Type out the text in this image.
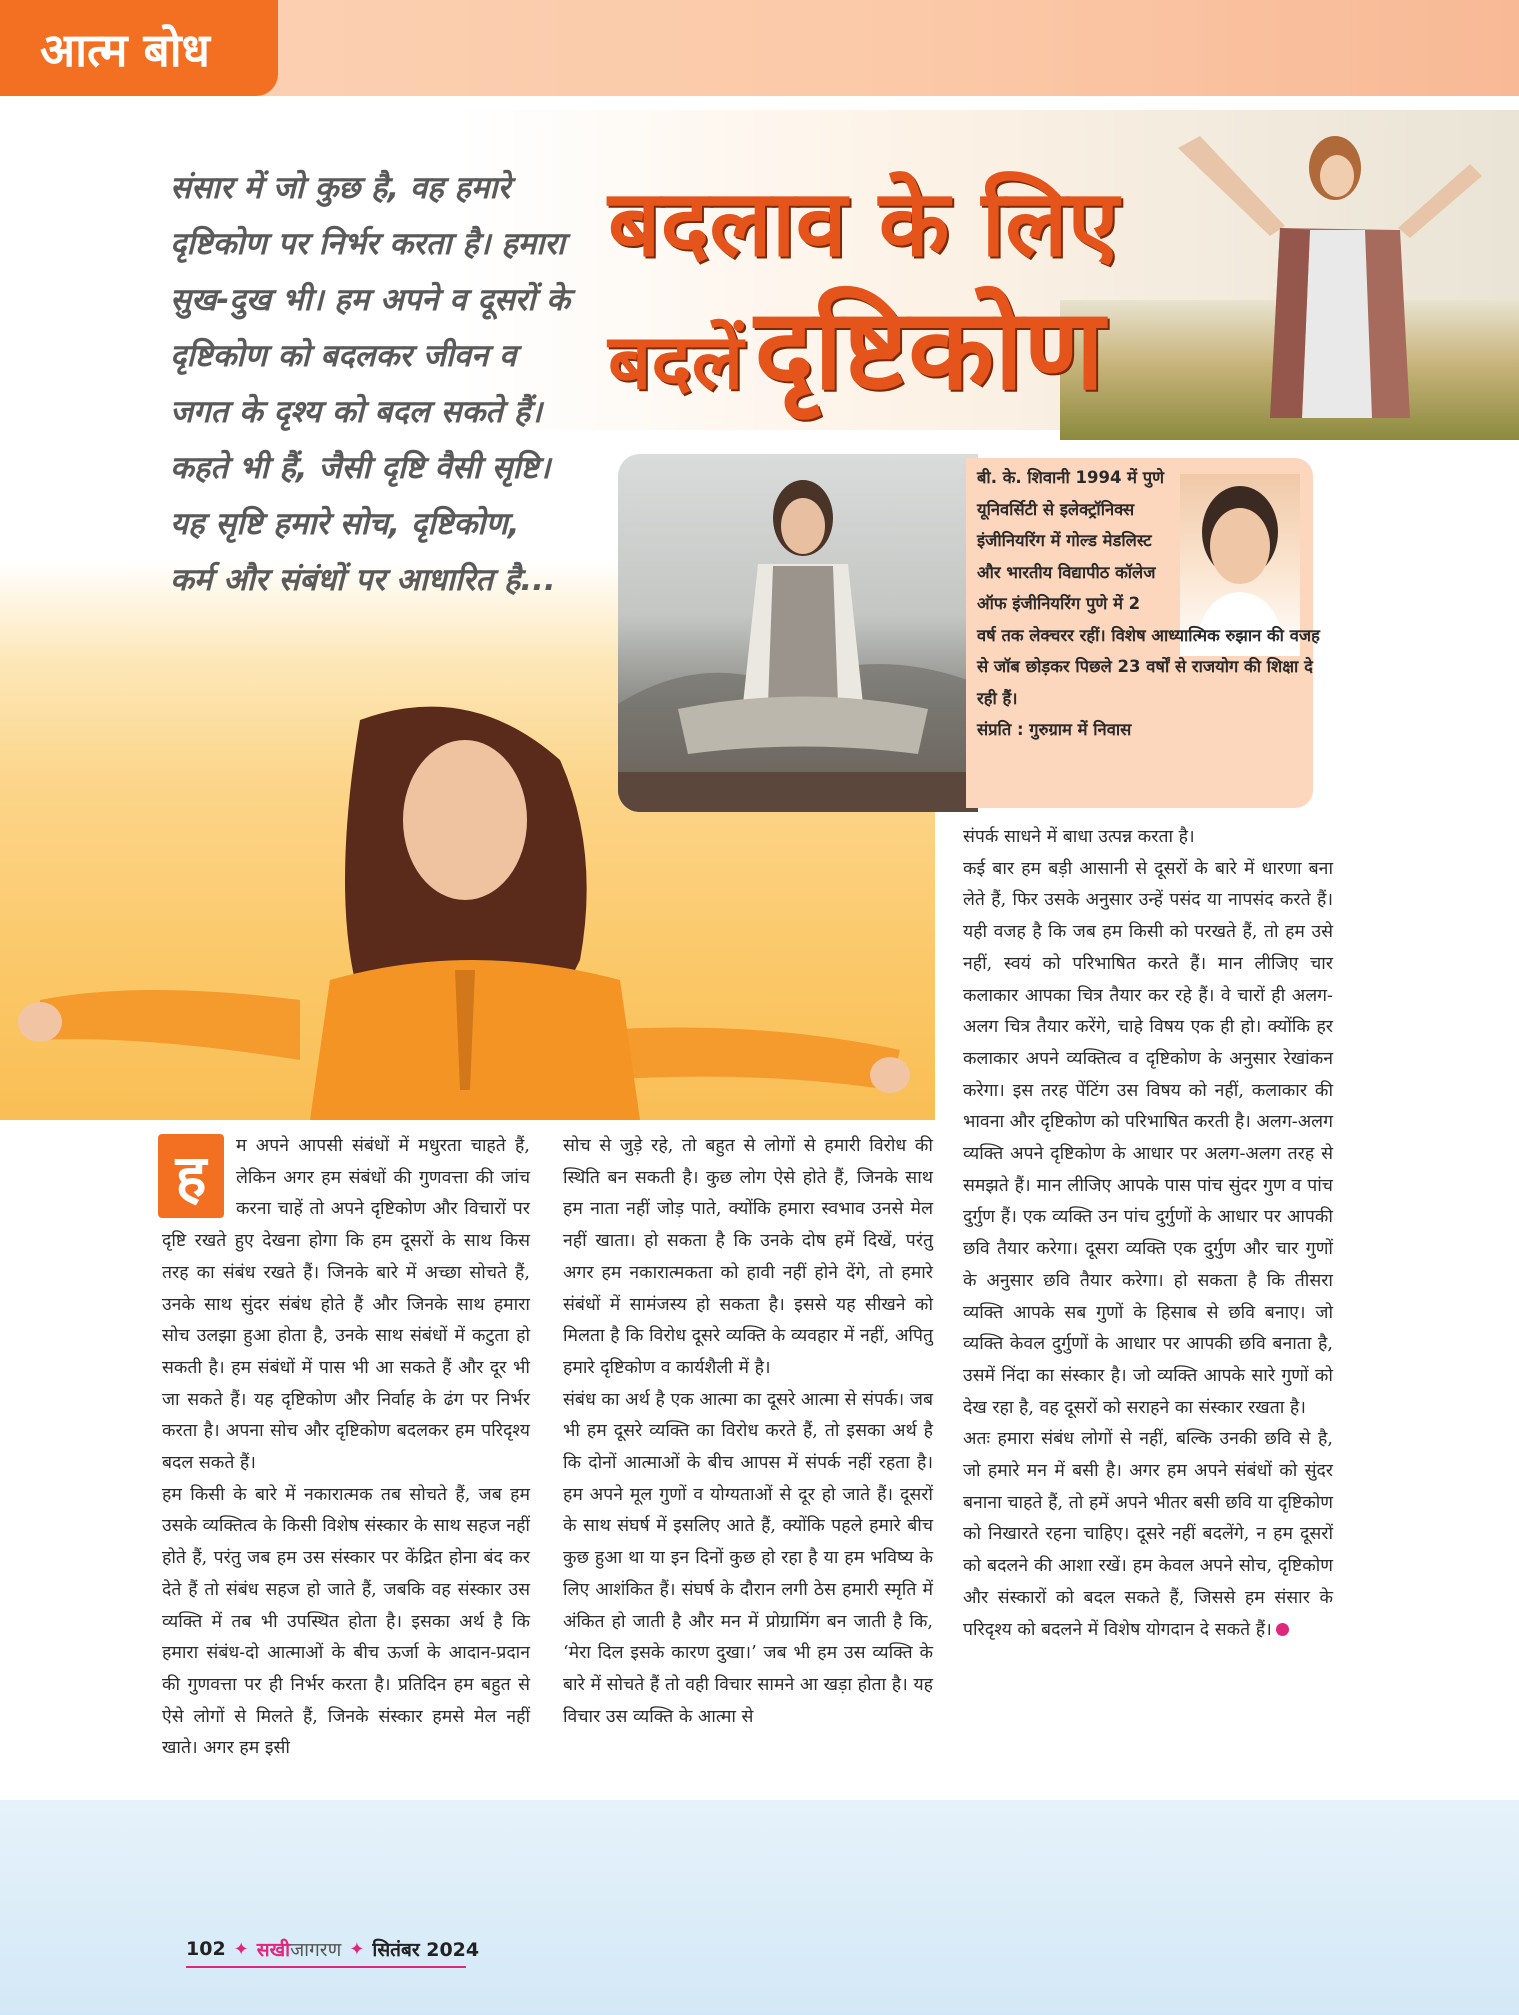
आत्म बोध
संसार में जो कुछ है, वह हमारे दृष्टिकोण पर निर्भर करता है। हमारा सुख-दुख भी। हम अपने व दूसरों के दृष्टिकोण को बदलकर जीवन व जगत के दृश्य को बदल सकते हैं। कहते भी हैं, जैसी दृष्टि वैसी सृष्टि। यह सृष्टि हमारे सोच, दृष्टिकोण, कर्म और संबंधों पर आधारित है...
बदलाव के लिए
बदलें दृष्टिकोण
बी. के. शिवानी 1994 में पुणे यूनिवर्सिटी से इलेक्ट्रॉनिक्स इंजीनियरिंग में गोल्ड मेडलिस्ट और भारतीय विद्यापीठ कॉलेज ऑफ इंजीनियरिंग पुणे में 2
वर्ष तक लेक्चरर रहीं। विशेष आध्यात्मिक रुझान की वजह से जॉब छोड़कर पिछले 23 वर्षों से राजयोग की शिक्षा दे रही हैं।
संप्रति : गुरुग्राम में निवास
ह	म अपने आपसी संबंधों में मधुरता चाहते हैं, लेकिन अगर हम संबंधों की गुणवत्ता की जांच करना चाहें तो अपने दृष्टिकोण और विचारों पर दृष्टि रखते हुए देखना होगा कि हम दूसरों के साथ किस तरह का संबंध रखते हैं। जिनके बारे में अच्छा सोचते हैं, उनके साथ सुंदर संबंध होते हैं और जिनके साथ हमारा सोच उलझा हुआ होता है, उनके साथ संबंधों में कटुता हो सकती है। हम संबंधों में पास भी आ सकते हैं और दूर भी जा सकते हैं। यह दृष्टिकोण और निर्वाह के ढंग पर निर्भर करता है। अपना सोच और दृष्टिकोण बदलकर हम परिदृश्य बदल सकते हैं।

हम किसी के बारे में नकारात्मक तब सोचते हैं, जब हम उसके व्यक्तित्व के किसी विशेष संस्कार के साथ सहज नहीं होते हैं, परंतु जब हम उस संस्कार पर केंद्रित होना बंद कर देते हैं तो संबंध सहज हो जाते हैं, जबकि वह संस्कार उस व्यक्ति में तब भी उपस्थित होता है। इसका अर्थ है कि हमारा संबंध-दो आत्माओं के बीच ऊर्जा के आदान-प्रदान की गुणवत्ता पर ही निर्भर करता है। प्रतिदिन हम बहुत से ऐसे लोगों से मिलते हैं, जिनके संस्कार हमसे मेल नहीं खाते। अगर हम इसी

सोच से जुड़े रहे, तो बहुत से लोगों से हमारी विरोध की स्थिति बन सकती है। कुछ लोग ऐसे होते हैं, जिनके साथ हम नाता नहीं जोड़ पाते, क्योंकि हमारा स्वभाव उनसे मेल नहीं खाता। हो सकता है कि उनके दोष हमें दिखें, परंतु अगर हम नकारात्मकता को हावी नहीं होने देंगे, तो हमारे संबंधों में सामंजस्य हो सकता है। इससे यह सीखने को मिलता है कि विरोध दूसरे व्यक्ति के व्यवहार में नहीं, अपितु हमारे दृष्टिकोण व कार्यशैली में है।

संबंध का अर्थ है एक आत्मा का दूसरे आत्मा से संपर्क। जब भी हम दूसरे व्यक्ति का विरोध करते हैं, तो इसका अर्थ है कि दोनों आत्माओं के बीच आपस में संपर्क नहीं रहता है। हम अपने मूल गुणों व योग्यताओं से दूर हो जाते हैं। दूसरों के साथ संघर्ष में इसलिए आते हैं, क्योंकि पहले हमारे बीच कुछ हुआ था या इन दिनों कुछ हो रहा है या हम भविष्य के लिए आशंकित हैं। संघर्ष के दौरान लगी ठेस हमारी स्मृति में अंकित हो जाती है और मन में प्रोग्रामिंग बन जाती है कि, ‘मेरा दिल इसके कारण दुखा।’ जब भी हम उस व्यक्ति के बारे में सोचते हैं तो वही विचार सामने आ खड़ा होता है। यह विचार उस व्यक्ति के आत्मा से

संपर्क साधने में बाधा उत्पन्न करता है।

कई बार हम बड़ी आसानी से दूसरों के बारे में धारणा बना लेते हैं, फिर उसके अनुसार उन्हें पसंद या नापसंद करते हैं। यही वजह है कि जब हम किसी को परखते हैं, तो हम उसे नहीं, स्वयं को परिभाषित करते हैं। मान लीजिए चार कलाकार आपका चित्र तैयार कर रहे हैं। वे चारों ही अलग-अलग चित्र तैयार करेंगे, चाहे विषय एक ही हो। क्योंकि हर कलाकार अपने व्यक्तित्व व दृष्टिकोण के अनुसार रेखांकन करेगा। इस तरह पेंटिंग उस विषय को नहीं, कलाकार की भावना और दृष्टिकोण को परिभाषित करती है। अलग-अलग व्यक्ति अपने दृष्टिकोण के आधार पर अलग-अलग तरह से समझते हैं। मान लीजिए आपके पास पांच सुंदर गुण व पांच दुर्गुण हैं। एक व्यक्ति उन पांच दुर्गुणों के आधार पर आपकी छवि तैयार करेगा। दूसरा व्यक्ति एक दुर्गुण और चार गुणों के अनुसार छवि तैयार करेगा। हो सकता है कि तीसरा व्यक्ति आपके सब गुणों के हिसाब से छवि बनाए। जो व्यक्ति केवल दुर्गुणों के आधार पर आपकी छवि बनाता है, उसमें निंदा का संस्कार है। जो व्यक्ति आपके सारे गुणों को देख रहा है, वह दूसरों को सराहने का संस्कार रखता है।

अतः हमारा संबंध लोगों से नहीं, बल्कि उनकी छवि से है, जो हमारे मन में बसी है। अगर हम अपने संबंधों को सुंदर बनाना चाहते हैं, तो हमें अपने भीतर बसी छवि या दृष्टिकोण को निखारते रहना चाहिए। दूसरे नहीं बदलेंगे, न हम दूसरों को बदलने की आशा रखें। हम केवल अपने सोच, दृष्टिकोण और संस्कारों को बदल सकते हैं, जिससे हम संसार के परिदृश्य को बदलने में विशेष योगदान दे सकते हैं।

102 ✦ सखीजागरण ✦ सितंबर 2024
